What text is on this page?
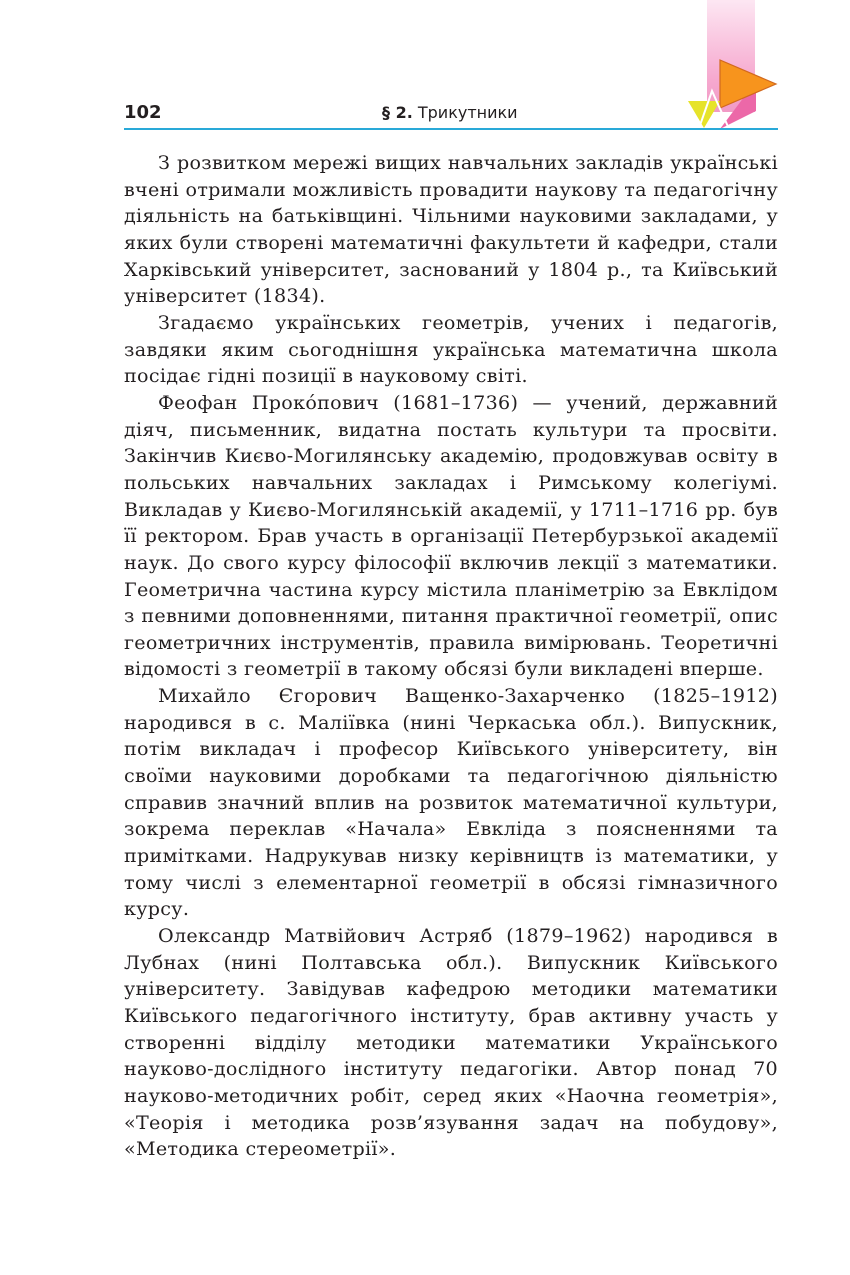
102	§ 2. Трикутники

З розвитком мережі вищих навчальних закладів українські вчені отримали можливість провадити наукову та педагогічну діяльність на батьківщині. Чільними науковими закладами, у яких були створені математичні факультети й кафедри, стали Харківський університет, заснований у 1804 р., та Київський університет (1834).

Згадаємо українських геометрів, учених і педагогів, завдяки яким сьогоднішня українська математична школа посідає гідні позиції в науковому світі.

Феофан Прокóпович (1681–1736) — учений, державний діяч, письменник, видатна постать культури та просвіти. Закінчив Києво-Могилянську академію, продовжував освіту в польських навчальних закладах і Римському колегіумі. Викладав у Києво-Могилянській академії, у 1711–1716 рр. був її ректором. Брав участь в організації Петербурзької академії наук. До свого курсу філософії включив лекції з математики. Геометрична частина курсу містила планіметрію за Евклідом з певними доповненнями, питання практичної геометрії, опис геометричних інструментів, правила вимірювань. Теоретичні відомості з геометрії в такому обсязі були викладені вперше.

Михайло Єгорович Ващенко-Захарченко (1825–1912) народився в с. Маліївка (нині Черкаська обл.). Випускник, потім викладач і професор Київського університету, він своїми науковими доробками та педагогічною діяльністю справив значний вплив на розвиток математичної культури, зокрема переклав «Начала» Евкліда з поясненнями та примітками. Надрукував низку керівництв із математики, у тому числі з елементарної геометрії в обсязі гімназичного курсу.

Олександр Матвійович Астряб (1879–1962) народився в Лубнах (нині Полтавська обл.). Випускник Київського університету. Завідував кафедрою методики математики Київського педагогічного інституту, брав активну участь у створенні відділу методики математики Українського науково-дослідного інституту педагогіки. Автор понад 70 науково-методичних робіт, серед яких «Наочна геометрія», «Теорія і методика розв’язування задач на побудову», «Методика стереометрії».
